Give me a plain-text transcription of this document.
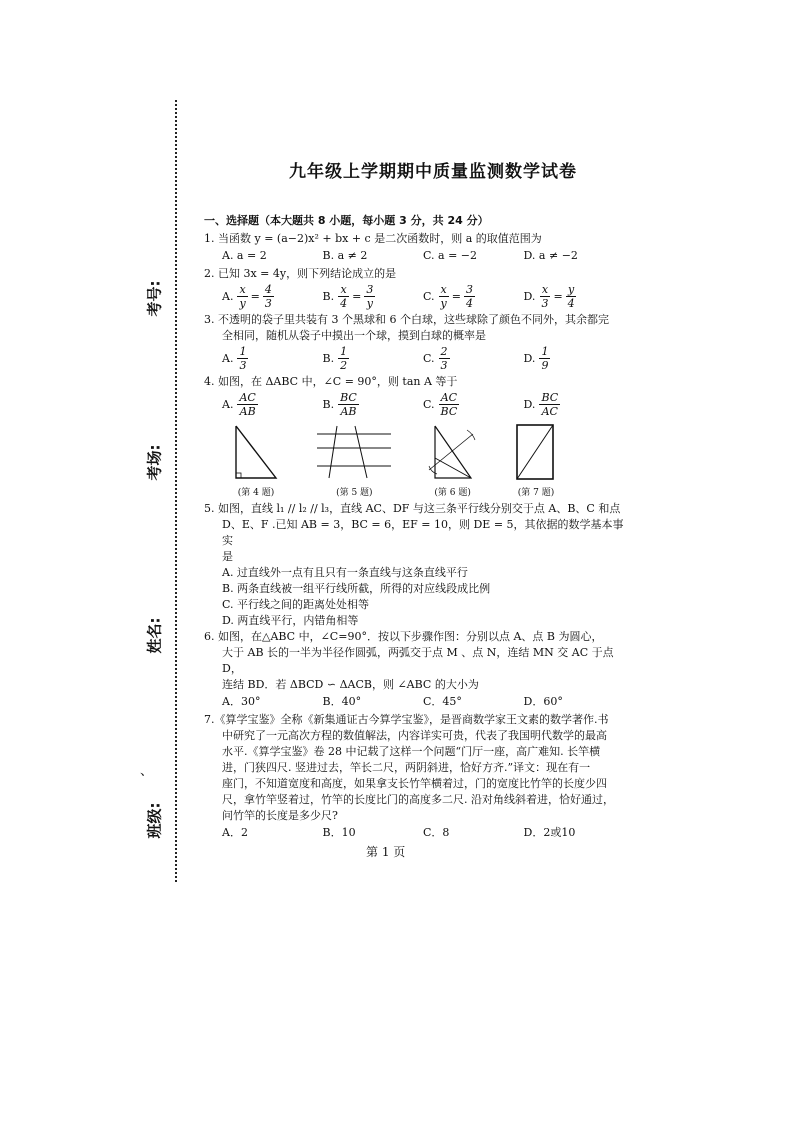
考号:
考场:
姓名:
、
班级:
九年级上学期期中质量监测数学试卷
一、选择题（本大题共 8 小题，每小题 3 分，共 24 分）
1. 当函数 y = (a−2)x² + bx + c 是二次函数时，则 a 的取值范围为
A. a = 2	B. a ≠ 2	C. a = −2	D. a ≠ −2
2. 已知 3x = 4y，则下列结论成立的是
A. $\frac{x}{y} = \frac{4}{3}$	B. $\frac{x}{4} = \frac{3}{y}$	C. $\frac{x}{y} = \frac{3}{4}$	D. $\frac{x}{3} = \frac{y}{4}$
3. 不透明的袋子里共装有 3 个黑球和 6 个白球，这些球除了颜色不同外，其余都完
全相同，随机从袋子中摸出一个球，摸到白球的概率是
A. $\frac{1}{3}$	B. $\frac{1}{2}$	C. $\frac{2}{3}$	D. $\frac{1}{9}$
4. 如图，在 ΔABC 中，∠C = 90°，则 tan A 等于
A. $\frac{AC}{AB}$	B. $\frac{BC}{AB}$	C. $\frac{AC}{BC}$	D. $\frac{BC}{AC}$
(第 4 题)	(第 5 题)	(第 6 题)	(第 7 题)
5. 如图，直线 l₁ // l₂ // l₃，直线 AC、DF 与这三条平行线分别交于点 A、B、C 和点
D、E、F .已知 AB = 3，BC = 6，EF = 10，则 DE = 5，其依据的数学基本事实
是
A. 过直线外一点有且只有一条直线与这条直线平行
B. 两条直线被一组平行线所截，所得的对应线段成比例
C. 平行线之间的距离处处相等
D. 两直线平行，内错角相等
6. 如图，在△ABC 中，∠C=90°．按以下步骤作图：分别以点 A、点 B 为圆心，
大于 AB 长的一半为半径作圆弧，两弧交于点 M 、点 N，连结 MN 交 AC 于点 D，
连结 BD．若 ΔBCD ∽ ΔACB，则 ∠ABC 的大小为
A．30°	B．40°	C．45°	D．60°
7.《算学宝鉴》全称《新集通证古今算学宝鉴》，是晋商数学家王文素的数学著作.书
中研究了一元高次方程的数值解法，内容详实可贵，代表了我国明代数学的最高
水平.《算学宝鉴》卷 28 中记载了这样一个问题“门厅一座，高广难知. 长竿横
进，门狭四尺. 竖进过去，竿长二尺，两阴斜进，恰好方齐.”译文：现在有一
座门，不知道宽度和高度，如果拿支长竹竿横着过，门的宽度比竹竿的长度少四
尺，拿竹竿竖着过，竹竿的长度比门的高度多二尺. 沿对角线斜着进，恰好通过，
问竹竿的长度是多少尺?
A．2	B．10	C．8	D．2或10
第 1 页
